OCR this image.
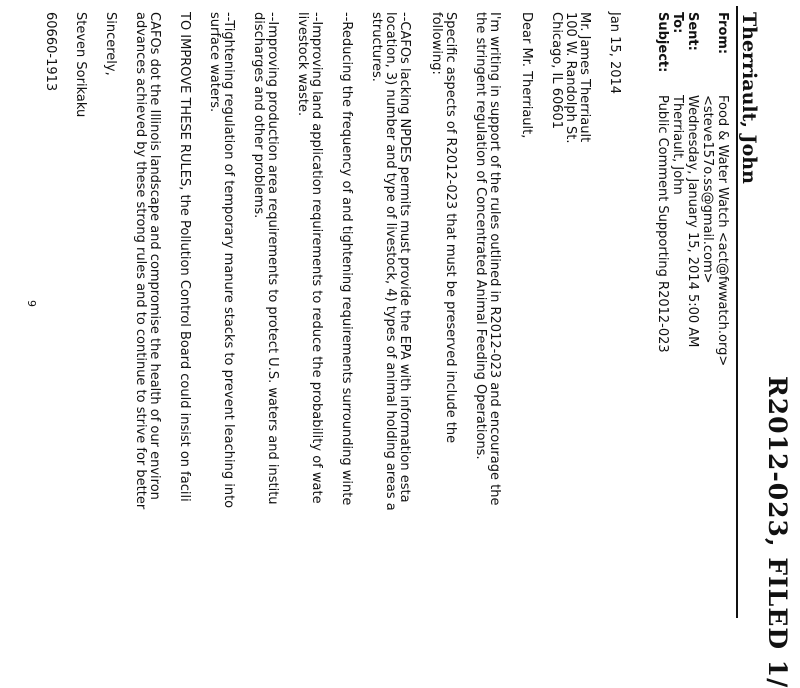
R2012-023, FILED 1/
Therriault, John
From:
Food & Water Watch <act@fwwatch.org>
<steve157o.ss@gmail.com>
Sent:
Wednesday, January 15, 2014 5:00 AM
To:
Therriault, John
Subject:
Public Comment Supporting R2012-023
Jan 15, 2014
Mr. James Therriault
100 W. Randolph St.
Chicago, IL 60601
Dear Mr. Therriault,
I'm writing in support of the rules outlined in R2012-023 and encourage the
the stringent regulation of Concentrated Animal Feeding Operations.
Specific aspects of R2012-023 that must be preserved include the
following:
--CAFOs lacking NPDES permits must provide the EPA with information esta
location, 3) number and type of livestock, 4) types of animal holding areas a
structures.
--Reducing the frequency of and tightening requirements surrounding winte
--Improving land application requirements to reduce the probability of wate
livestock waste.
--Improving production area requirements to protect U.S. waters and institu
discharges and other problems.
--Tightening regulation of temporary manure stacks to prevent leaching into
surface waters.
TO IMPROVE THESE RULES, the Pollution Control Board could insist on facili
CAFOs dot the Illinois landscape and compromise the health of our environ
advances achieved by these strong rules and to continue to strive for better
Sincerely,
Steven Sorikaku
60660-1913
9
